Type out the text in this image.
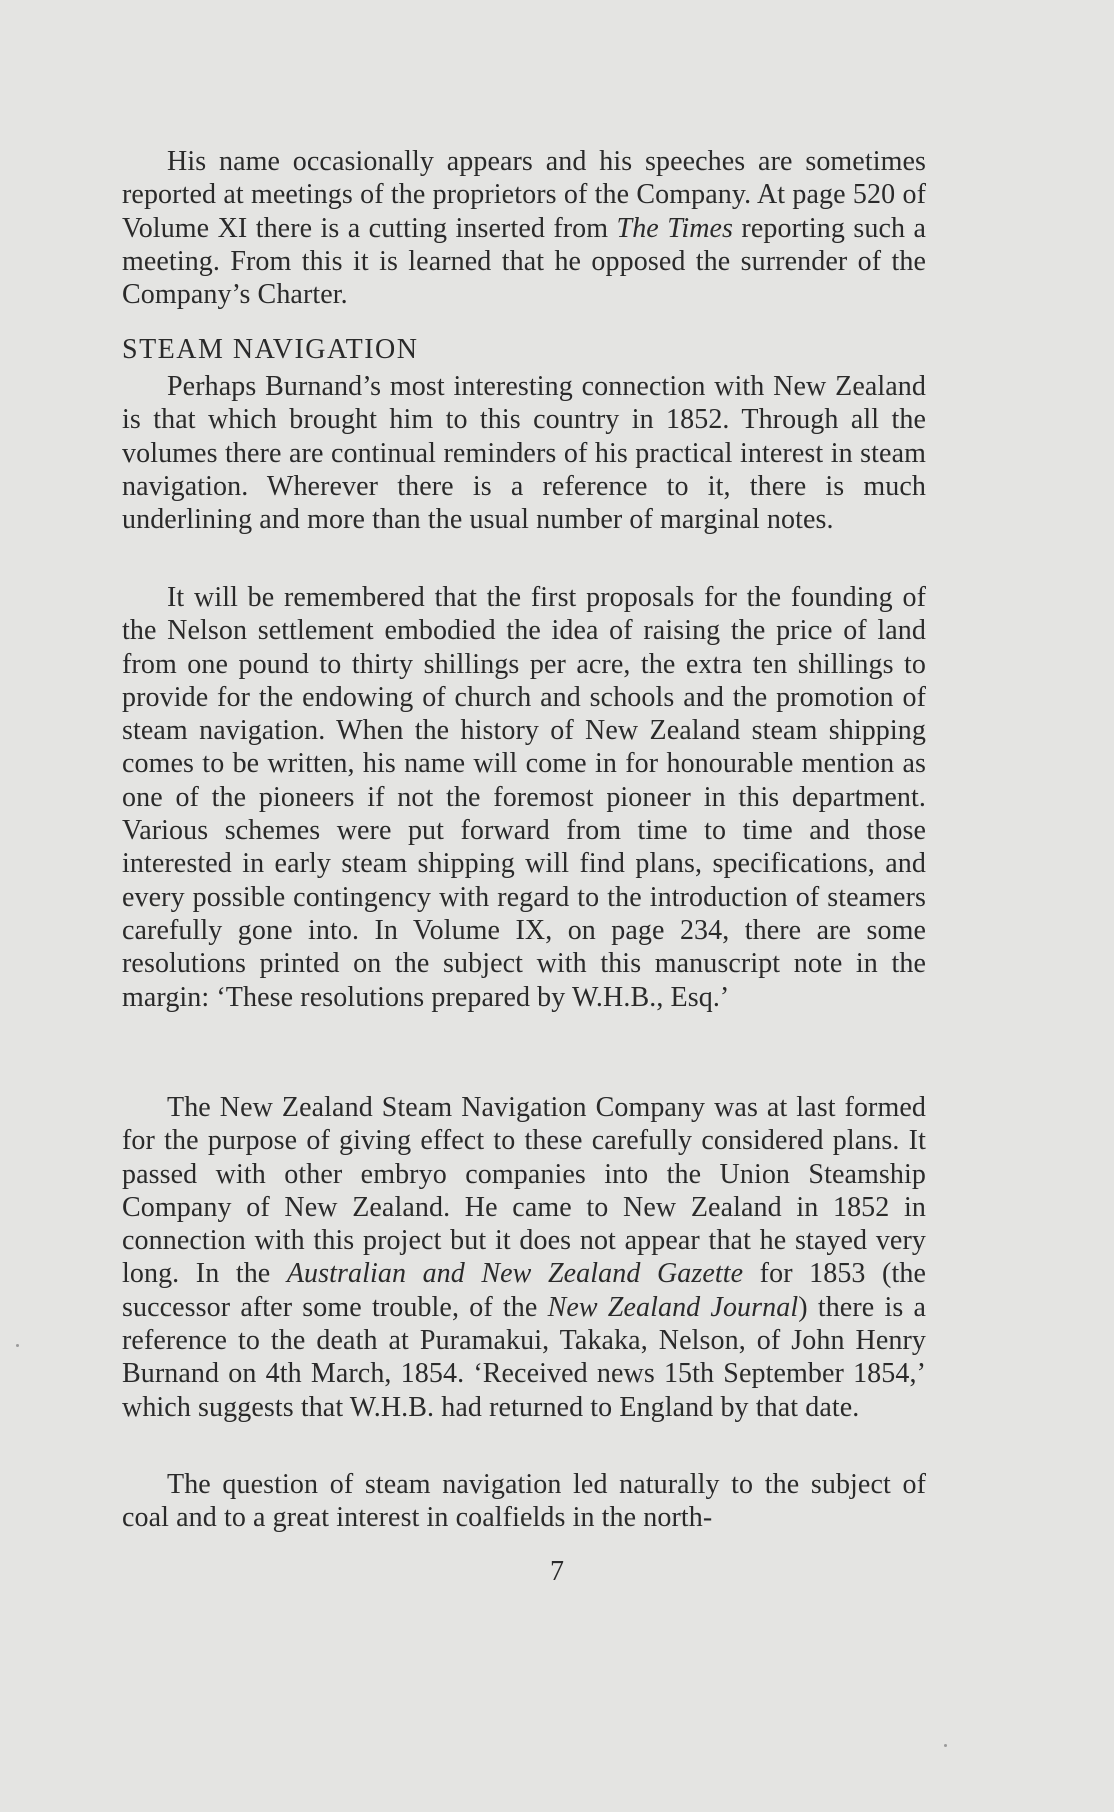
His name occasionally appears and his speeches are sometimes reported at meetings of the proprietors of the Company. At page 520 of Volume XI there is a cutting inserted from The Times reporting such a meeting. From this it is learned that he opposed the surrender of the Company’s Charter.

STEAM NAVIGATION

Perhaps Burnand’s most interesting connection with New Zealand is that which brought him to this country in 1852. Through all the volumes there are continual reminders of his practical interest in steam navigation. Wherever there is a reference to it, there is much underlining and more than the usual number of marginal notes.

It will be remembered that the first proposals for the founding of the Nelson settlement embodied the idea of raising the price of land from one pound to thirty shillings per acre, the extra ten shillings to provide for the endowing of church and schools and the promotion of steam navigation. When the history of New Zealand steam shipping comes to be written, his name will come in for honourable mention as one of the pioneers if not the foremost pioneer in this department. Various schemes were put forward from time to time and those interested in early steam shipping will find plans, specifications, and every possible contingency with regard to the introduction of steamers carefully gone into. In Volume IX, on page 234, there are some resolutions printed on the subject with this manuscript note in the margin: ‘These resolutions prepared by W.H.B., Esq.’

The New Zealand Steam Navigation Company was at last formed for the purpose of giving effect to these carefully considered plans. It passed with other embryo companies into the Union Steamship Company of New Zealand. He came to New Zealand in 1852 in connection with this project but it does not appear that he stayed very long. In the Australian and New Zealand Gazette for 1853 (the successor after some trouble, of the New Zealand Journal) there is a reference to the death at Puramakui, Takaka, Nelson, of John Henry Burnand on 4th March, 1854. ‘Received news 15th September 1854,’ which suggests that W.H.B. had returned to England by that date.

The question of steam navigation led naturally to the subject of coal and to a great interest in coalfields in the north-

7
